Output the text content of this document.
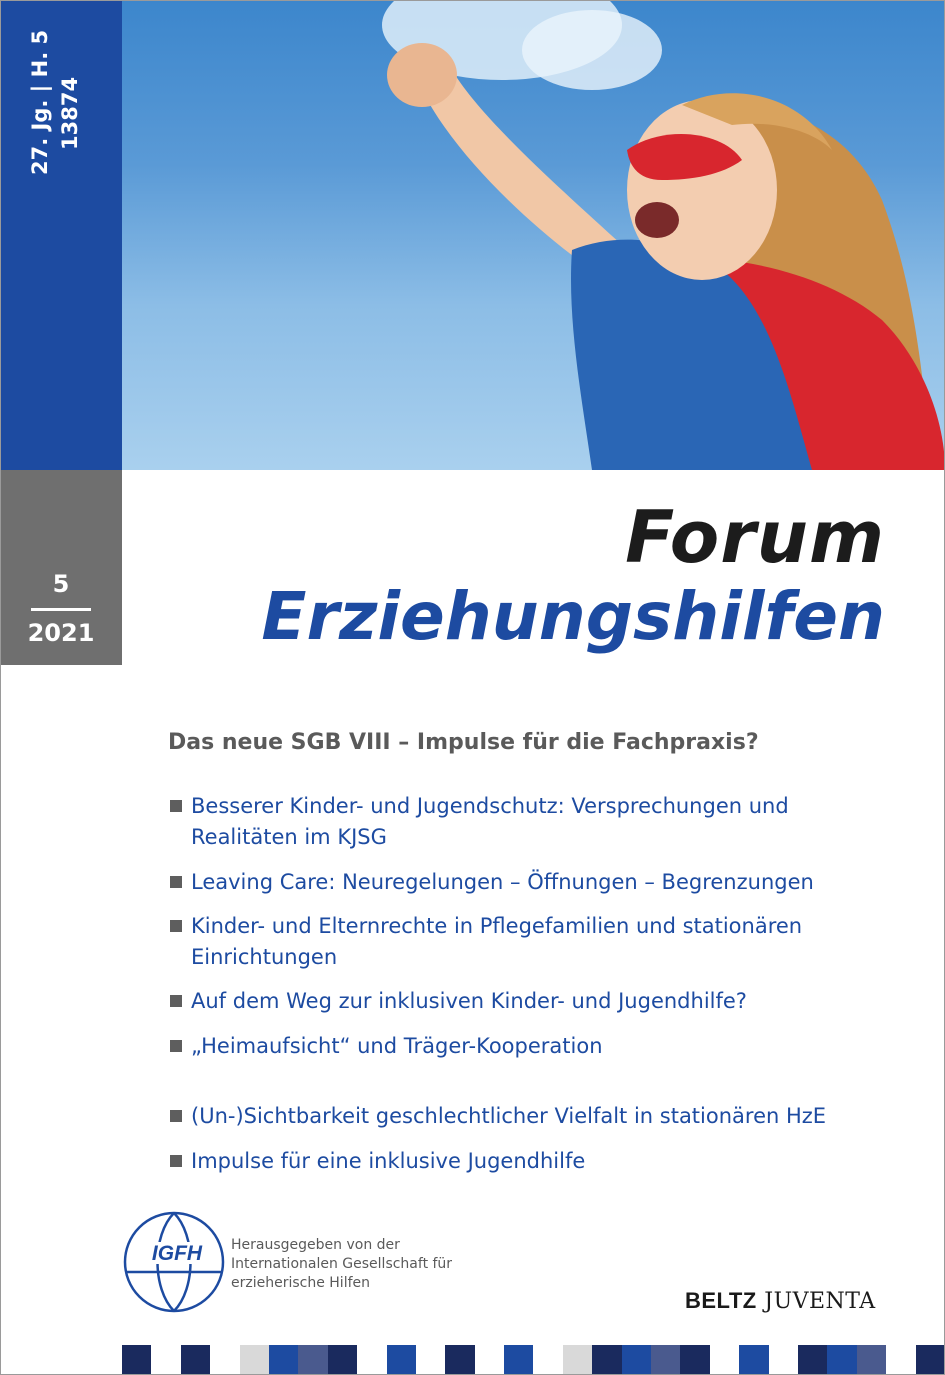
27. Jg. | H. 5 13874
5
2021
Forum
Erziehungshilfen
Das neue SGB VIII – Impulse für die Fachpraxis?
Besserer Kinder- und Jugendschutz: Versprechungen und
Realitäten im KJSG
Leaving Care: Neuregelungen – Öffnungen – Begrenzungen
Kinder- und Elternrechte in Pflegefamilien und stationären
Einrichtungen
Auf dem Weg zur inklusiven Kinder- und Jugendhilfe?
„Heimaufsicht“ und Träger-Kooperation
(Un-)Sichtbarkeit geschlechtlicher Vielfalt in stationären HzE
Impulse für eine inklusive Jugendhilfe
IGFH Herausgegeben von der
Internationalen Gesellschaft für
erzieherische Hilfen
BELTZ JUVENTA
